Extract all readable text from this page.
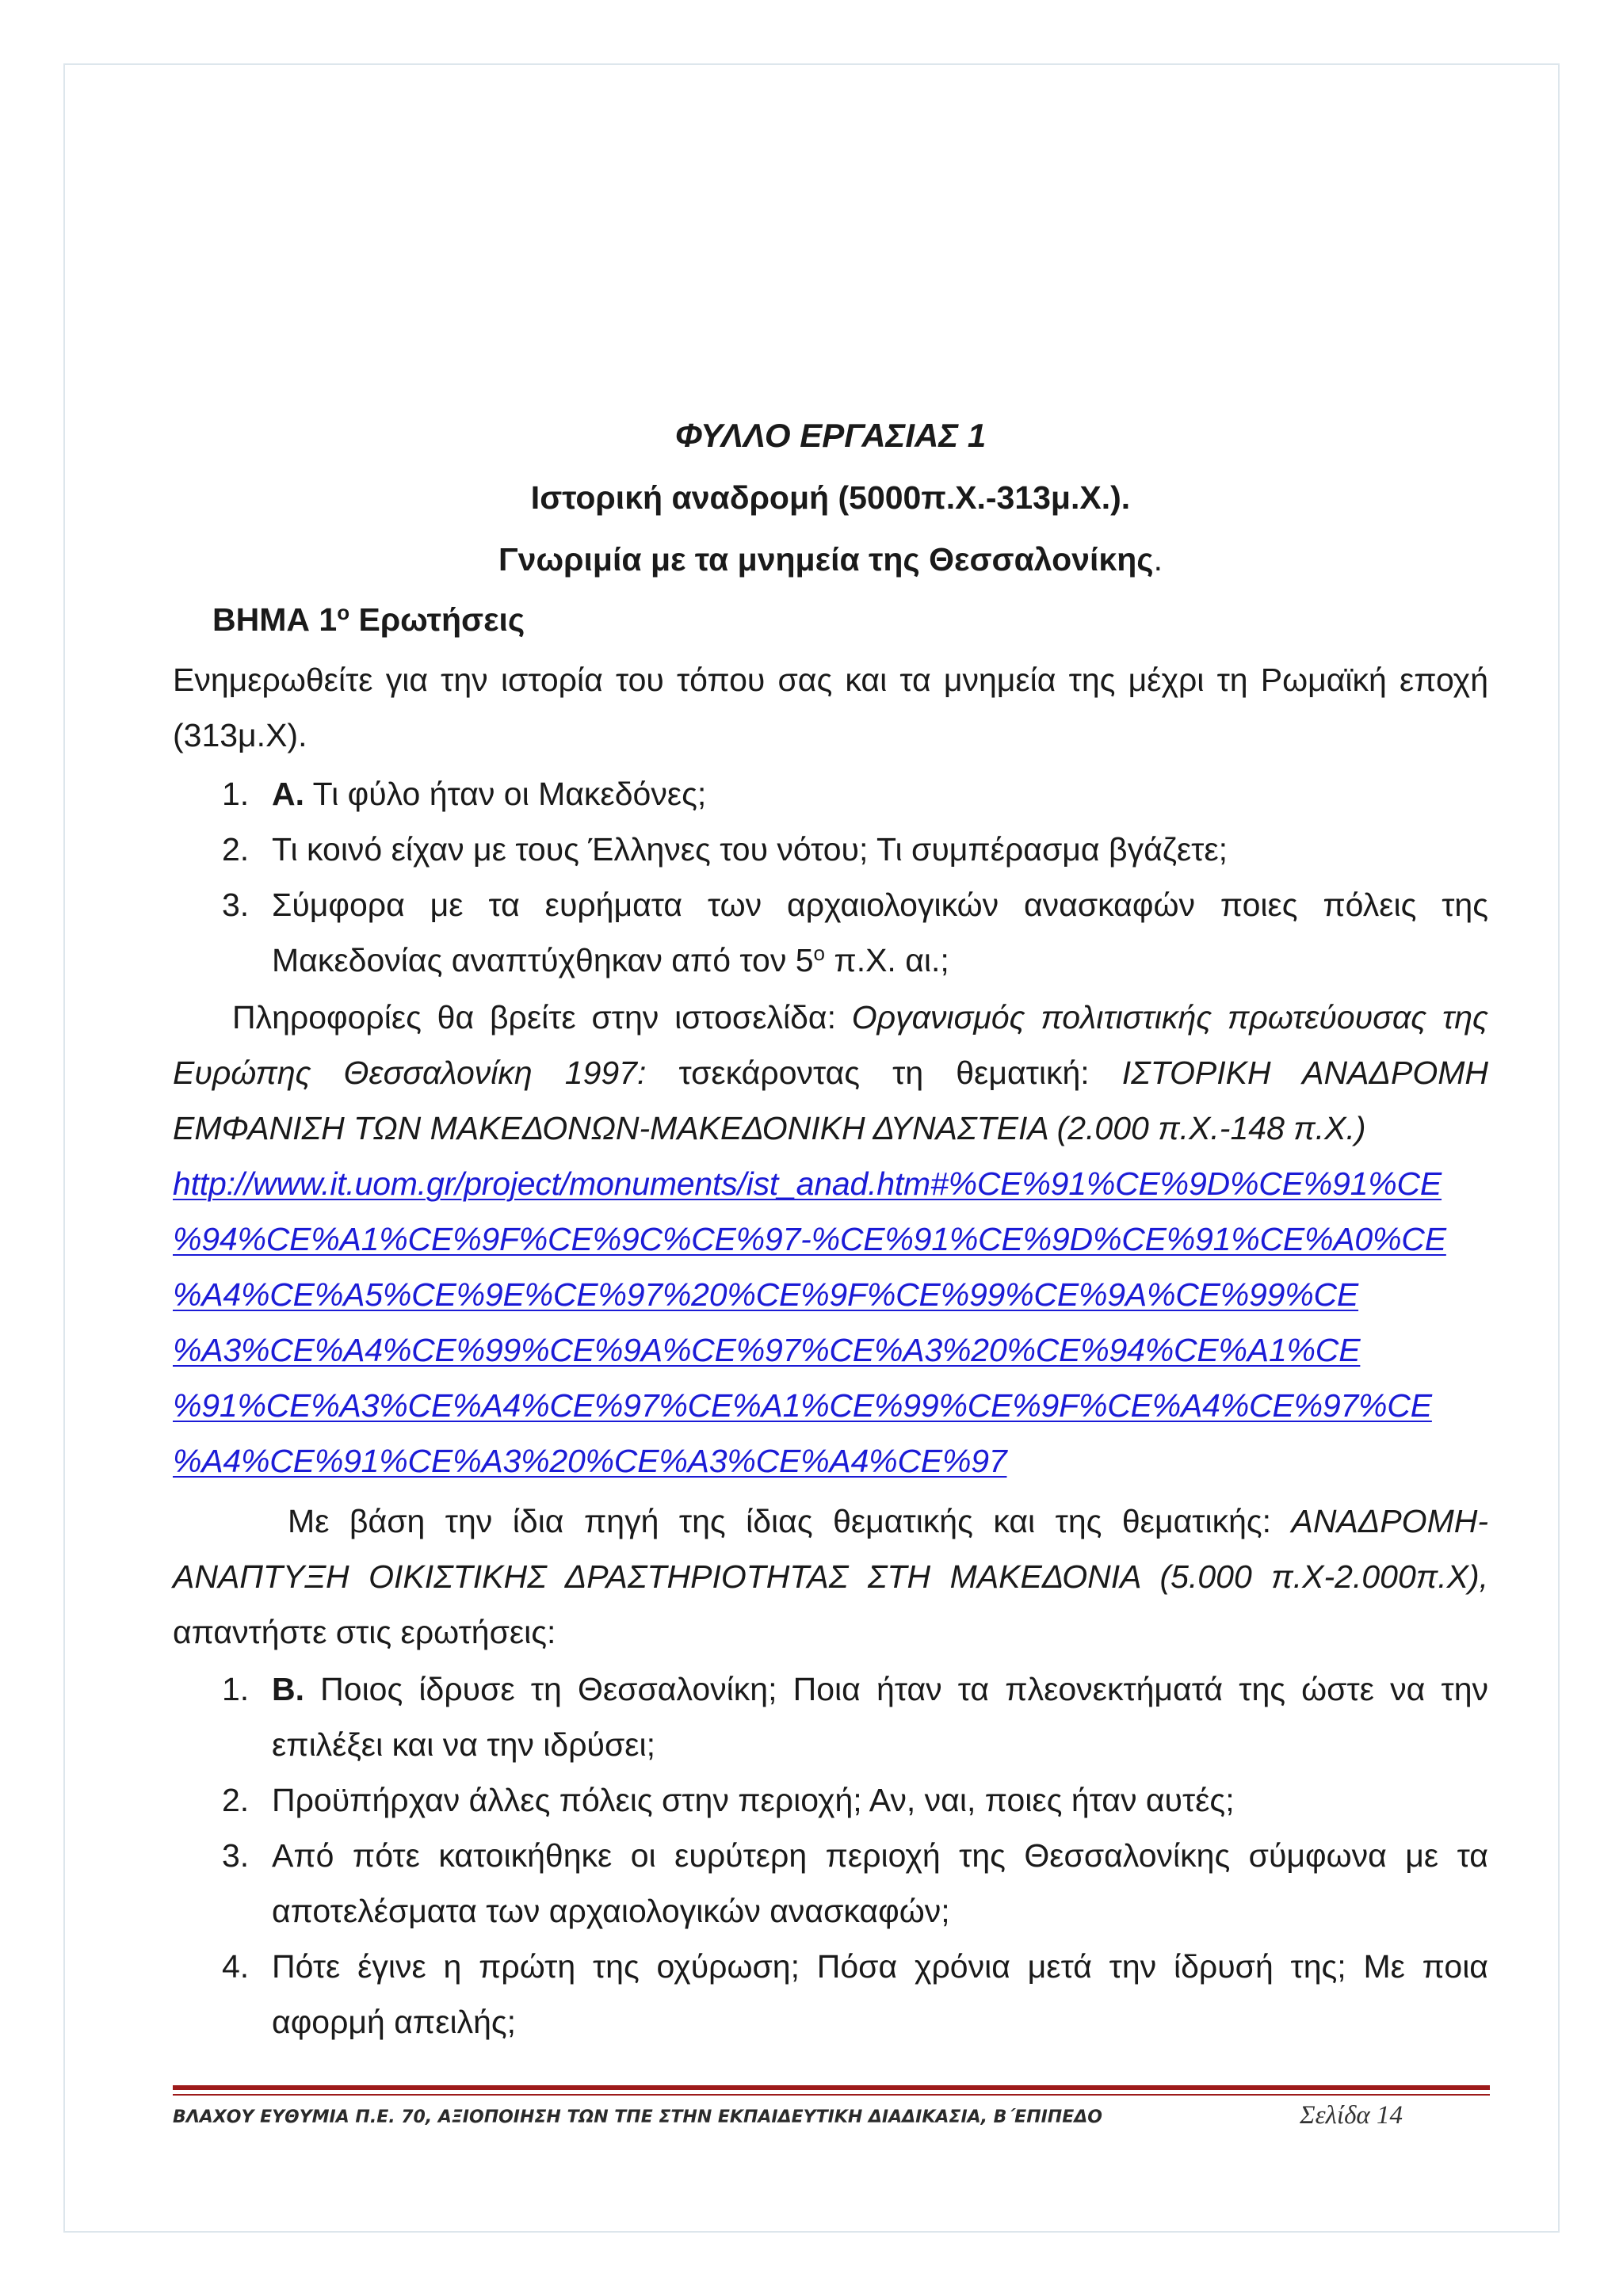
ΦΥΛΛΟ ΕΡΓΑΣΙΑΣ 1
Ιστορική αναδρομή (5000π.Χ.-313μ.Χ.).
Γνωριμία με τα μνημεία της Θεσσαλονίκης.
ΒΗΜΑ $1^o$ Ερωτήσεις
Ενημερωθείτε για την ιστορία του τόπου σας και τα μνημεία της μέχρι τη Ρωμαϊκή εποχή
(313μ.Χ).
1. Α. Τι φύλο ήταν οι Μακεδόνες;
2. Τι κοινό είχαν με τους Έλληνες του νότου; Τι συμπέρασμα βγάζετε;
3. Σύμφορα με τα ευρήματα των αρχαιολογικών ανασκαφών ποιες πόλεις της
Μακεδονίας αναπτύχθηκαν από τον $5^o$ π.Χ. αι.;
Πληροφορίες θα βρείτε στην ιστοσελίδα: Οργανισμός πολιτιστικής πρωτεύουσας της
Ευρώπης Θεσσαλονίκη 1997: τσεκάροντας τη θεματική: ΙΣΤΟΡΙΚΗ ΑΝΑΔΡΟΜΗ
ΕΜΦΑΝΙΣΗ ΤΩΝ ΜΑΚΕΔΟΝΩΝ-ΜΑΚΕΔΟΝΙΚΗ ΔΥΝΑΣΤΕΙΑ (2.000 π.Χ.-148 π.Χ.)
http://www.it.uom.gr/project/monuments/ist_anad.htm#%CE%91%CE%9D%CE%91%CE
%94%CE%A1%CE%9F%CE%9C%CE%97-%CE%91%CE%9D%CE%91%CE%A0%CE
%A4%CE%A5%CE%9E%CE%97%20%CE%9F%CE%99%CE%9A%CE%99%CE
%A3%CE%A4%CE%99%CE%9A%CE%97%CE%A3%20%CE%94%CE%A1%CE
%91%CE%A3%CE%A4%CE%97%CE%A1%CE%99%CE%9F%CE%A4%CE%97%CE
%A4%CE%91%CE%A3%20%CE%A3%CE%A4%CE%97
Με βάση την ίδια πηγή της ίδιας θεματικής και της θεματικής: ΑΝΑΔΡΟΜΗ-
ΑΝΑΠΤΥΞΗ ΟΙΚΙΣΤΙΚΗΣ ΔΡΑΣΤΗΡΙΟΤΗΤΑΣ ΣΤΗ ΜΑΚΕΔΟΝΙΑ (5.000 π.Χ-2.000π.Χ),
απαντήστε στις ερωτήσεις:
1. Β. Ποιος ίδρυσε τη Θεσσαλονίκη; Ποια ήταν τα πλεονεκτήματά της ώστε να την
επιλέξει και να την ιδρύσει;
2. Προϋπήρχαν άλλες πόλεις στην περιοχή; Αν, ναι, ποιες ήταν αυτές;
3. Από πότε κατοικήθηκε οι ευρύτερη περιοχή της Θεσσαλονίκης σύμφωνα με τα
αποτελέσματα των αρχαιολογικών ανασκαφών;
4. Πότε έγινε η πρώτη της οχύρωση; Πόσα χρόνια μετά την ίδρυσή της; Με ποια
αφορμή απειλής;
ΒΛΑΧΟΥ ΕΥΘΥΜΙΑ Π.Ε. 70, ΑΞΙΟΠΟΙΗΣΗ ΤΩΝ ΤΠΕ ΣΤΗΝ ΕΚΠΑΙΔΕΥΤΙΚΗ ΔΙΑΔΙΚΑΣΙΑ, Β΄ΕΠΙΠΕΔΟ	Σελίδα 14
